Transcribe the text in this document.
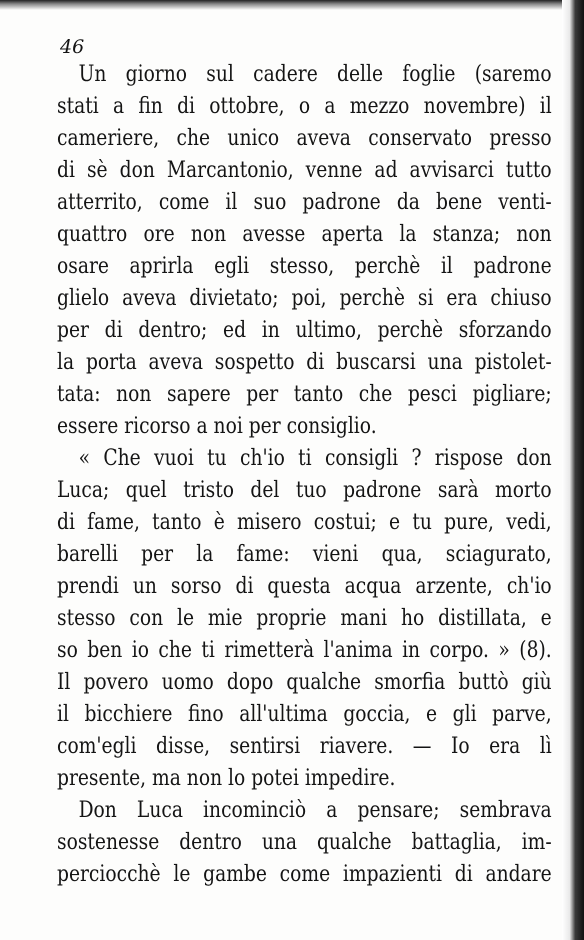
46
Un giorno sul cadere delle foglie (saremo
stati a fin di ottobre, o a mezzo novembre) il
cameriere, che unico aveva conservato presso
di sè don Marcantonio, venne ad avvisarci tutto
atterrito, come il suo padrone da bene venti-
quattro ore non avesse aperta la stanza; non
osare aprirla egli stesso, perchè il padrone
glielo aveva divietato; poi, perchè si era chiuso
per di dentro; ed in ultimo, perchè sforzando
la porta aveva sospetto di buscarsi una pistolet-
tata: non sapere per tanto che pesci pigliare;
essere ricorso a noi per consiglio.
« Che vuoi tu ch'io ti consigli ? rispose don
Luca; quel tristo del tuo padrone sarà morto
di fame, tanto è misero costui; e tu pure, vedi,
barelli per la fame: vieni qua, sciagurato,
prendi un sorso di questa acqua arzente, ch'io
stesso con le mie proprie mani ho distillata, e
so ben io che ti rimetterà l'anima in corpo. » (8).
Il povero uomo dopo qualche smorfia buttò giù
il bicchiere fino all'ultima goccia, e gli parve,
com'egli disse, sentirsi riavere. — Io era lì
presente, ma non lo potei impedire.
Don Luca incominciò a pensare; sembrava
sostenesse dentro una qualche battaglia, im-
perciocchè le gambe come impazienti di andare
